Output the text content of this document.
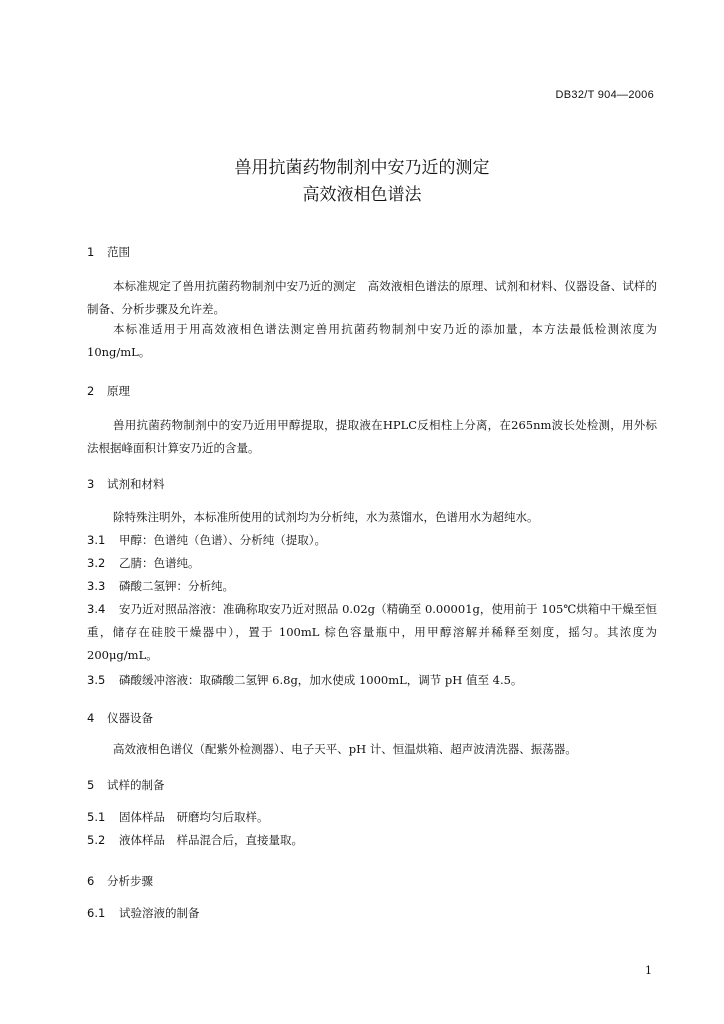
DB32/T 904—2006
兽用抗菌药物制剂中安乃近的测定
高效液相色谱法
1 范围
本标准规定了兽用抗菌药物制剂中安乃近的测定　高效液相色谱法的原理、试剂和材料、仪器设备、试样的制备、分析步骤及允许差。
本标准适用于用高效液相色谱法测定兽用抗菌药物制剂中安乃近的添加量，本方法最低检测浓度为10ng/mL。
2 原理
兽用抗菌药物制剂中的安乃近用甲醇提取，提取液在HPLC反相柱上分离，在265nm波长处检测，用外标法根据峰面积计算安乃近的含量。
3 试剂和材料
除特殊注明外，本标准所使用的试剂均为分析纯，水为蒸馏水，色谱用水为超纯水。
3.1 甲醇：色谱纯（色谱）、分析纯（提取）。
3.2 乙腈：色谱纯。
3.3 磷酸二氢钾：分析纯。
3.4 安乃近对照品溶液：准确称取安乃近对照品 0.02g（精确至 0.00001g，使用前于 105℃烘箱中干燥至恒重，储存在硅胶干燥器中），置于 100mL 棕色容量瓶中，用甲醇溶解并稀释至刻度，摇匀。其浓度为 200μg/mL。
3.5 磷酸缓冲溶液：取磷酸二氢钾 6.8g，加水使成 1000mL，调节 pH 值至 4.5。
4 仪器设备
高效液相色谱仪（配紫外检测器）、电子天平、pH 计、恒温烘箱、超声波清洗器、振荡器。
5 试样的制备
5.1 固体样品　研磨均匀后取样。
5.2 液体样品　样品混合后，直接量取。
6 分析步骤
6.1 试验溶液的制备
1
